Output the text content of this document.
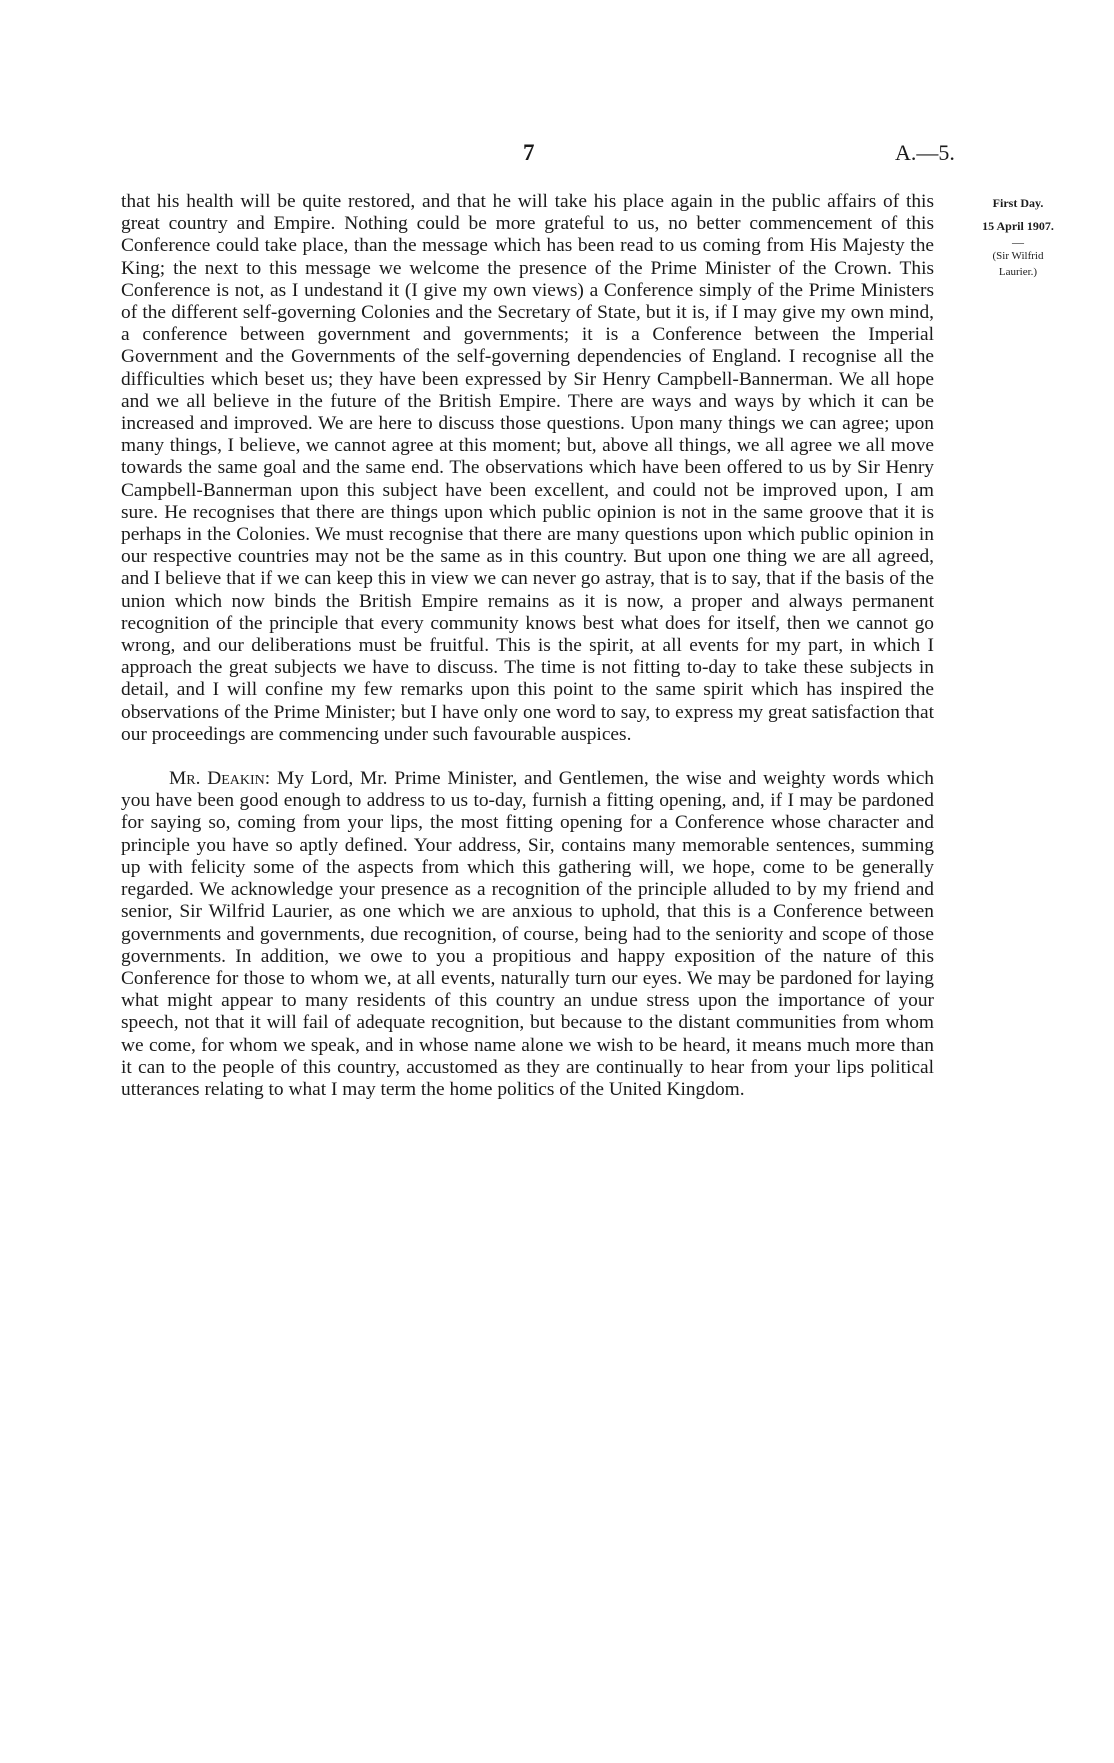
7	A.—5.
First Day.
15 April 1907.
—
(Sir Wilfrid
Laurier.)

that his health will be quite restored, and that he will take his place again in the public affairs of this great country and Empire. Nothing could be more grateful to us, no better commencement of this Conference could take place, than the message which has been read to us coming from His Majesty the King; the next to this message we welcome the presence of the Prime Minister of the Crown. This Conference is not, as I undestand it (I give my own views) a Conference simply of the Prime Ministers of the different self-governing Colonies and the Secretary of State, but it is, if I may give my own mind, a conference between government and governments; it is a Conference between the Imperial Government and the Governments of the self-governing dependencies of England. I recognise all the difficulties which beset us; they have been expressed by Sir Henry Campbell-Bannerman. We all hope and we all believe in the future of the British Empire. There are ways and ways by which it can be increased and improved. We are here to discuss those questions. Upon many things we can agree; upon many things, I believe, we cannot agree at this moment; but, above all things, we all agree we all move towards the same goal and the same end. The observations which have been offered to us by Sir Henry Campbell-Bannerman upon this subject have been excellent, and could not be improved upon, I am sure. He recognises that there are things upon which public opinion is not in the same groove that it is perhaps in the Colonies. We must recognise that there are many questions upon which public opinion in our respective countries may not be the same as in this country. But upon one thing we are all agreed, and I believe that if we can keep this in view we can never go astray, that is to say, that if the basis of the union which now binds the British Empire remains as it is now, a proper and always permanent recognition of the principle that every community knows best what does for itself, then we cannot go wrong, and our deliberations must be fruitful. This is the spirit, at all events for my part, in which I approach the great subjects we have to discuss. The time is not fitting to-day to take these subjects in detail, and I will confine my few remarks upon this point to the same spirit which has inspired the observations of the Prime Minister; but I have only one word to say, to express my great satisfaction that our proceedings are commencing under such favourable auspices.

Mr. Deakin: My Lord, Mr. Prime Minister, and Gentlemen, the wise and weighty words which you have been good enough to address to us to-day, furnish a fitting opening, and, if I may be pardoned for saying so, coming from your lips, the most fitting opening for a Conference whose character and principle you have so aptly defined. Your address, Sir, contains many memorable sentences, summing up with felicity some of the aspects from which this gathering will, we hope, come to be generally regarded. We acknowledge your presence as a recognition of the principle alluded to by my friend and senior, Sir Wilfrid Laurier, as one which we are anxious to uphold, that this is a Conference between governments and governments, due recognition, of course, being had to the seniority and scope of those governments. In addition, we owe to you a propitious and happy exposition of the nature of this Conference for those to whom we, at all events, naturally turn our eyes. We may be pardoned for laying what might appear to many residents of this country an undue stress upon the importance of your speech, not that it will fail of adequate recognition, but because to the distant communities from whom we come, for whom we speak, and in whose name alone we wish to be heard, it means much more than it can to the people of this country, accustomed as they are continually to hear from your lips political utterances relating to what I may term the home politics of the United Kingdom.
